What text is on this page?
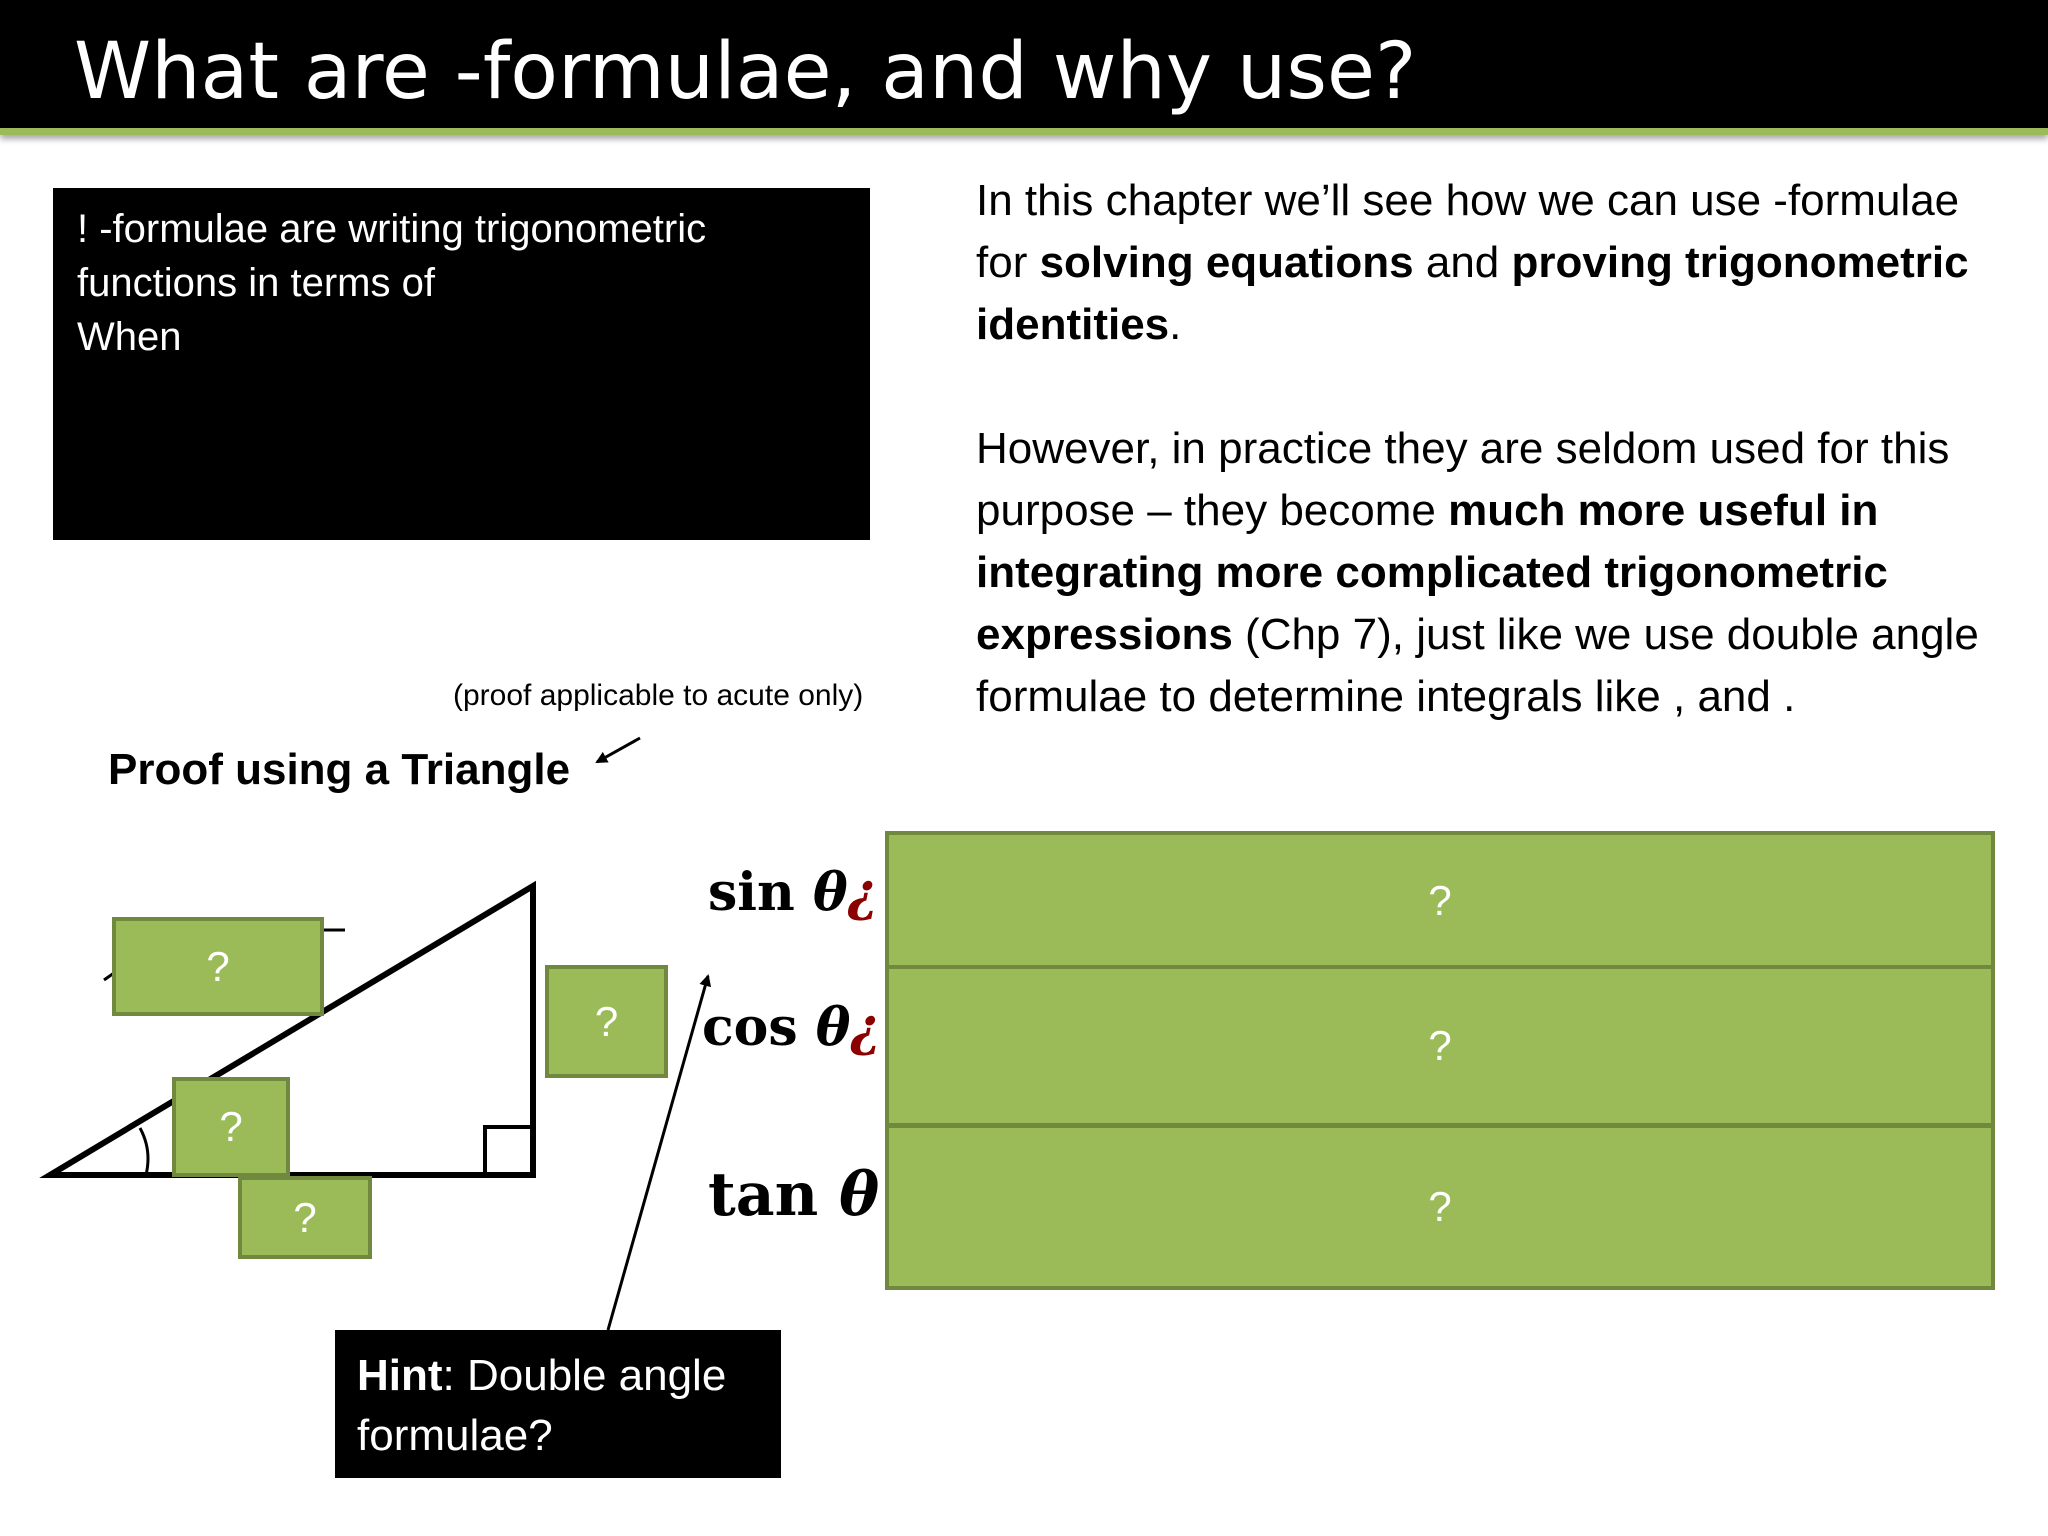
What are -formulae, and why use?
! -formulae are writing trigonometric
functions in terms of
When

In this chapter we’ll see how we can use -formulae for solving equations and proving trigonometric identities.

However, in practice they are seldom used for this purpose – they become much more useful in integrating more complicated trigonometric expressions (Chp 7), just like we use double angle formulae to determine integrals like , and .

(proof applicable to acute only)
Proof using a Triangle
?
?
?
?
sin θ¿
cos θ¿
tan θ
?
?
?
Hint: Double angle formulae?
